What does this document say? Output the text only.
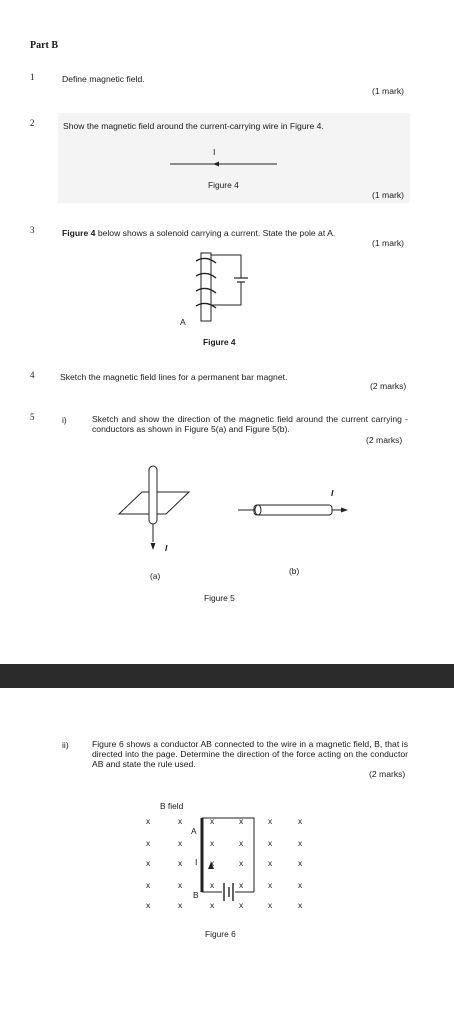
Part B
1	Define magnetic field.
(1 mark)
2	Show the magnetic field around the current-carrying wire in Figure 4.
I
Figure 4
(1 mark)
3	Figure 4 below shows a solenoid carrying a current. State the pole at A.
(1 mark)
A
Figure 4
4	Sketch the magnetic field lines for a permanent bar magnet.
(2 marks)
5	i)	Sketch and show the direction of the magnetic field around the current carrying - conductors as shown in Figure 5(a) and Figure 5(b).
(2 marks)
I
(a)
I
(b)
Figure 5
ii)	Figure 6 shows a conductor AB connected to the wire in a magnetic field, B, that is directed into the page. Determine the direction of the force acting on the conductor AB and state the rule used.
(2 marks)
B field
x	x	x	x	x	x
x	x	x	x	x	x
x	x	x	x	x	x
x	x	x	x	x	x
x	x	x	x	x	x
A
B
I
Figure 6
